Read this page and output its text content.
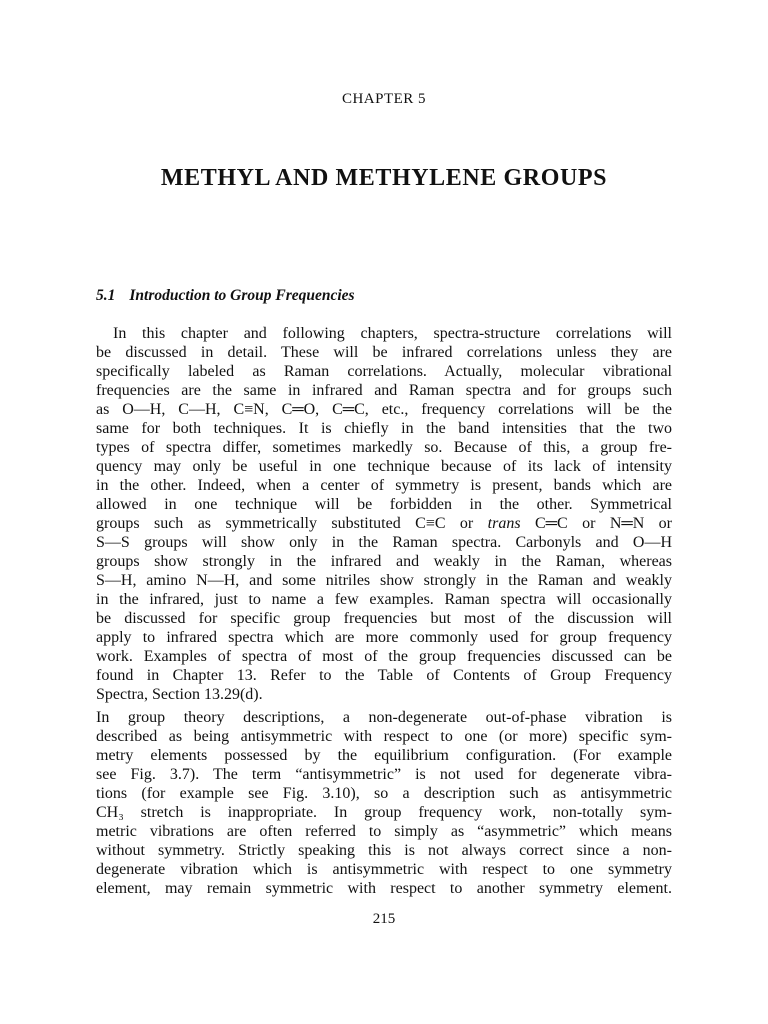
CHAPTER 5
METHYL AND METHYLENE GROUPS
5.1 Introduction to Group Frequencies
In this chapter and following chapters, spectra-structure correlations will
be discussed in detail. These will be infrared correlations unless they are
specifically labeled as Raman correlations. Actually, molecular vibrational
frequencies are the same in infrared and Raman spectra and for groups such
as O—H, C—H, C≡N, C═O, C═C, etc., frequency correlations will be the
same for both techniques. It is chiefly in the band intensities that the two
types of spectra differ, sometimes markedly so. Because of this, a group fre-
quency may only be useful in one technique because of its lack of intensity
in the other. Indeed, when a center of symmetry is present, bands which are
allowed in one technique will be forbidden in the other. Symmetrical
groups such as symmetrically substituted C≡C or trans C═C or N═N or
S—S groups will show only in the Raman spectra. Carbonyls and O—H
groups show strongly in the infrared and weakly in the Raman, whereas
S—H, amino N—H, and some nitriles show strongly in the Raman and weakly
in the infrared, just to name a few examples. Raman spectra will occasionally
be discussed for specific group frequencies but most of the discussion will
apply to infrared spectra which are more commonly used for group frequency
work. Examples of spectra of most of the group frequencies discussed can be
found in Chapter 13. Refer to the Table of Contents of Group Frequency
Spectra, Section 13.29(d).
In group theory descriptions, a non-degenerate out-of-phase vibration is
described as being antisymmetric with respect to one (or more) specific sym-
metry elements possessed by the equilibrium configuration. (For example
see Fig. 3.7). The term “antisymmetric” is not used for degenerate vibra-
tions (for example see Fig. 3.10), so a description such as antisymmetric
CH₃ stretch is inappropriate. In group frequency work, non-totally sym-
metric vibrations are often referred to simply as “asymmetric” which means
without symmetry. Strictly speaking this is not always correct since a non-
degenerate vibration which is antisymmetric with respect to one symmetry
element, may remain symmetric with respect to another symmetry element.
215
